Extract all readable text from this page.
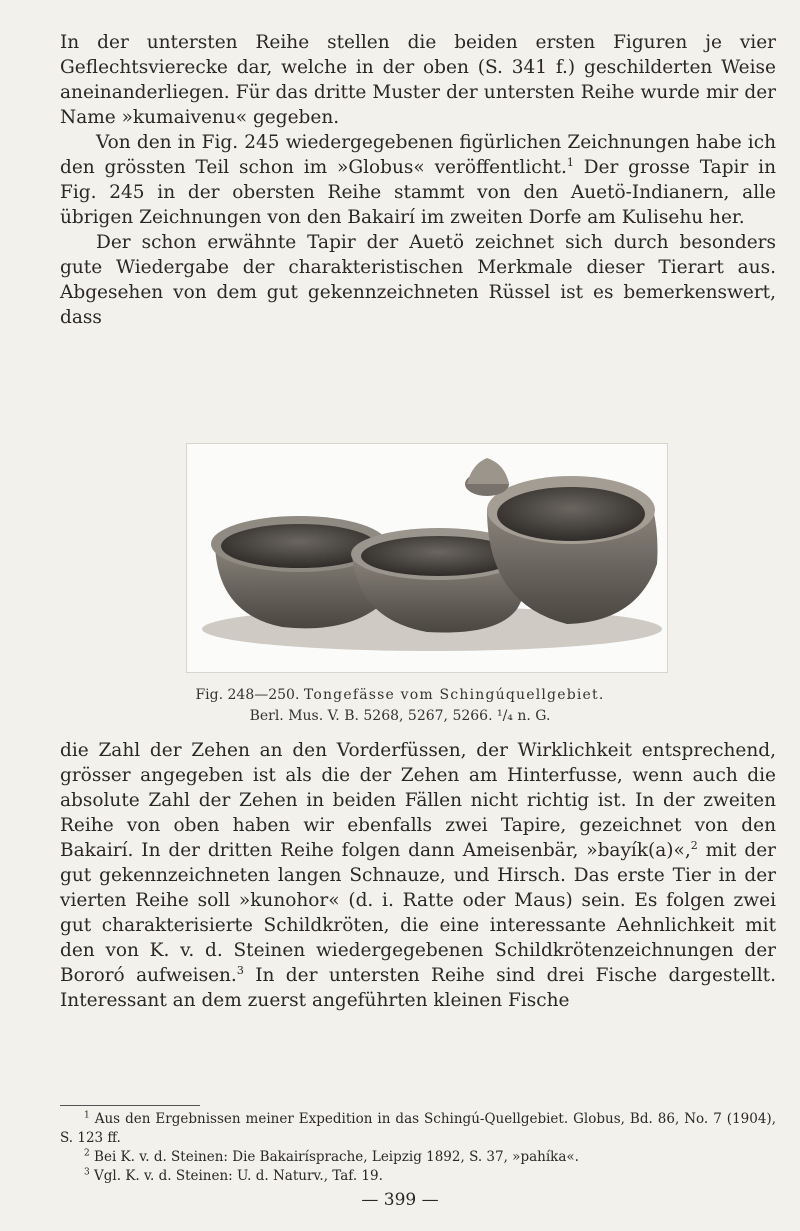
In der untersten Reihe stellen die beiden ersten Figuren je vier Geflechtsvierecke dar, welche in der oben (S. 341 f.) geschilderten Weise aneinanderliegen. Für das dritte Muster der untersten Reihe wurde mir der Name »kumaivenu« gegeben.

Von den in Fig. 245 wiedergegebenen figürlichen Zeichnungen habe ich den grössten Teil schon im »Globus« veröffentlicht.$^1$ Der grosse Tapir in Fig. 245 in der obersten Reihe stammt von den Auetö-Indianern, alle übrigen Zeichnungen von den Bakairí im zweiten Dorfe am Kulisehu her.

Der schon erwähnte Tapir der Auetö zeichnet sich durch besonders gute Wiedergabe der charakteristischen Merkmale dieser Tierart aus. Abgesehen von dem gut gekennzeichneten Rüssel ist es bemerkenswert, dass

Fig. 248—250. Tongefässe vom Schingúquellgebiet.
Berl. Mus. V. B. 5268, 5267, 5266. ¹/₄ n. G.

die Zahl der Zehen an den Vorderfüssen, der Wirklichkeit entsprechend, grösser angegeben ist als die der Zehen am Hinterfusse, wenn auch die absolute Zahl der Zehen in beiden Fällen nicht richtig ist. In der zweiten Reihe von oben haben wir ebenfalls zwei Tapire, gezeichnet von den Bakairí. In der dritten Reihe folgen dann Ameisenbär, »bayík(a)«,$^2$ mit der gut gekennzeichneten langen Schnauze, und Hirsch. Das erste Tier in der vierten Reihe soll »kunohor« (d. i. Ratte oder Maus) sein. Es folgen zwei gut charakterisierte Schildkröten, die eine interessante Aehnlichkeit mit den von K. v. d. Steinen wiedergegebenen Schildkrötenzeichnungen der Bororó aufweisen.$^3$ In der untersten Reihe sind drei Fische dargestellt. Interessant an dem zuerst angeführten kleinen Fische

$^1$ Aus den Ergebnissen meiner Expedition in das Schingú-Quellgebiet. Globus, Bd. 86, No. 7 (1904), S. 123 ff.

$^2$ Bei K. v. d. Steinen: Die Bakairísprache, Leipzig 1892, S. 37, »pahíka«.

$^3$ Vgl. K. v. d. Steinen: U. d. Naturv., Taf. 19.

— 399 —
